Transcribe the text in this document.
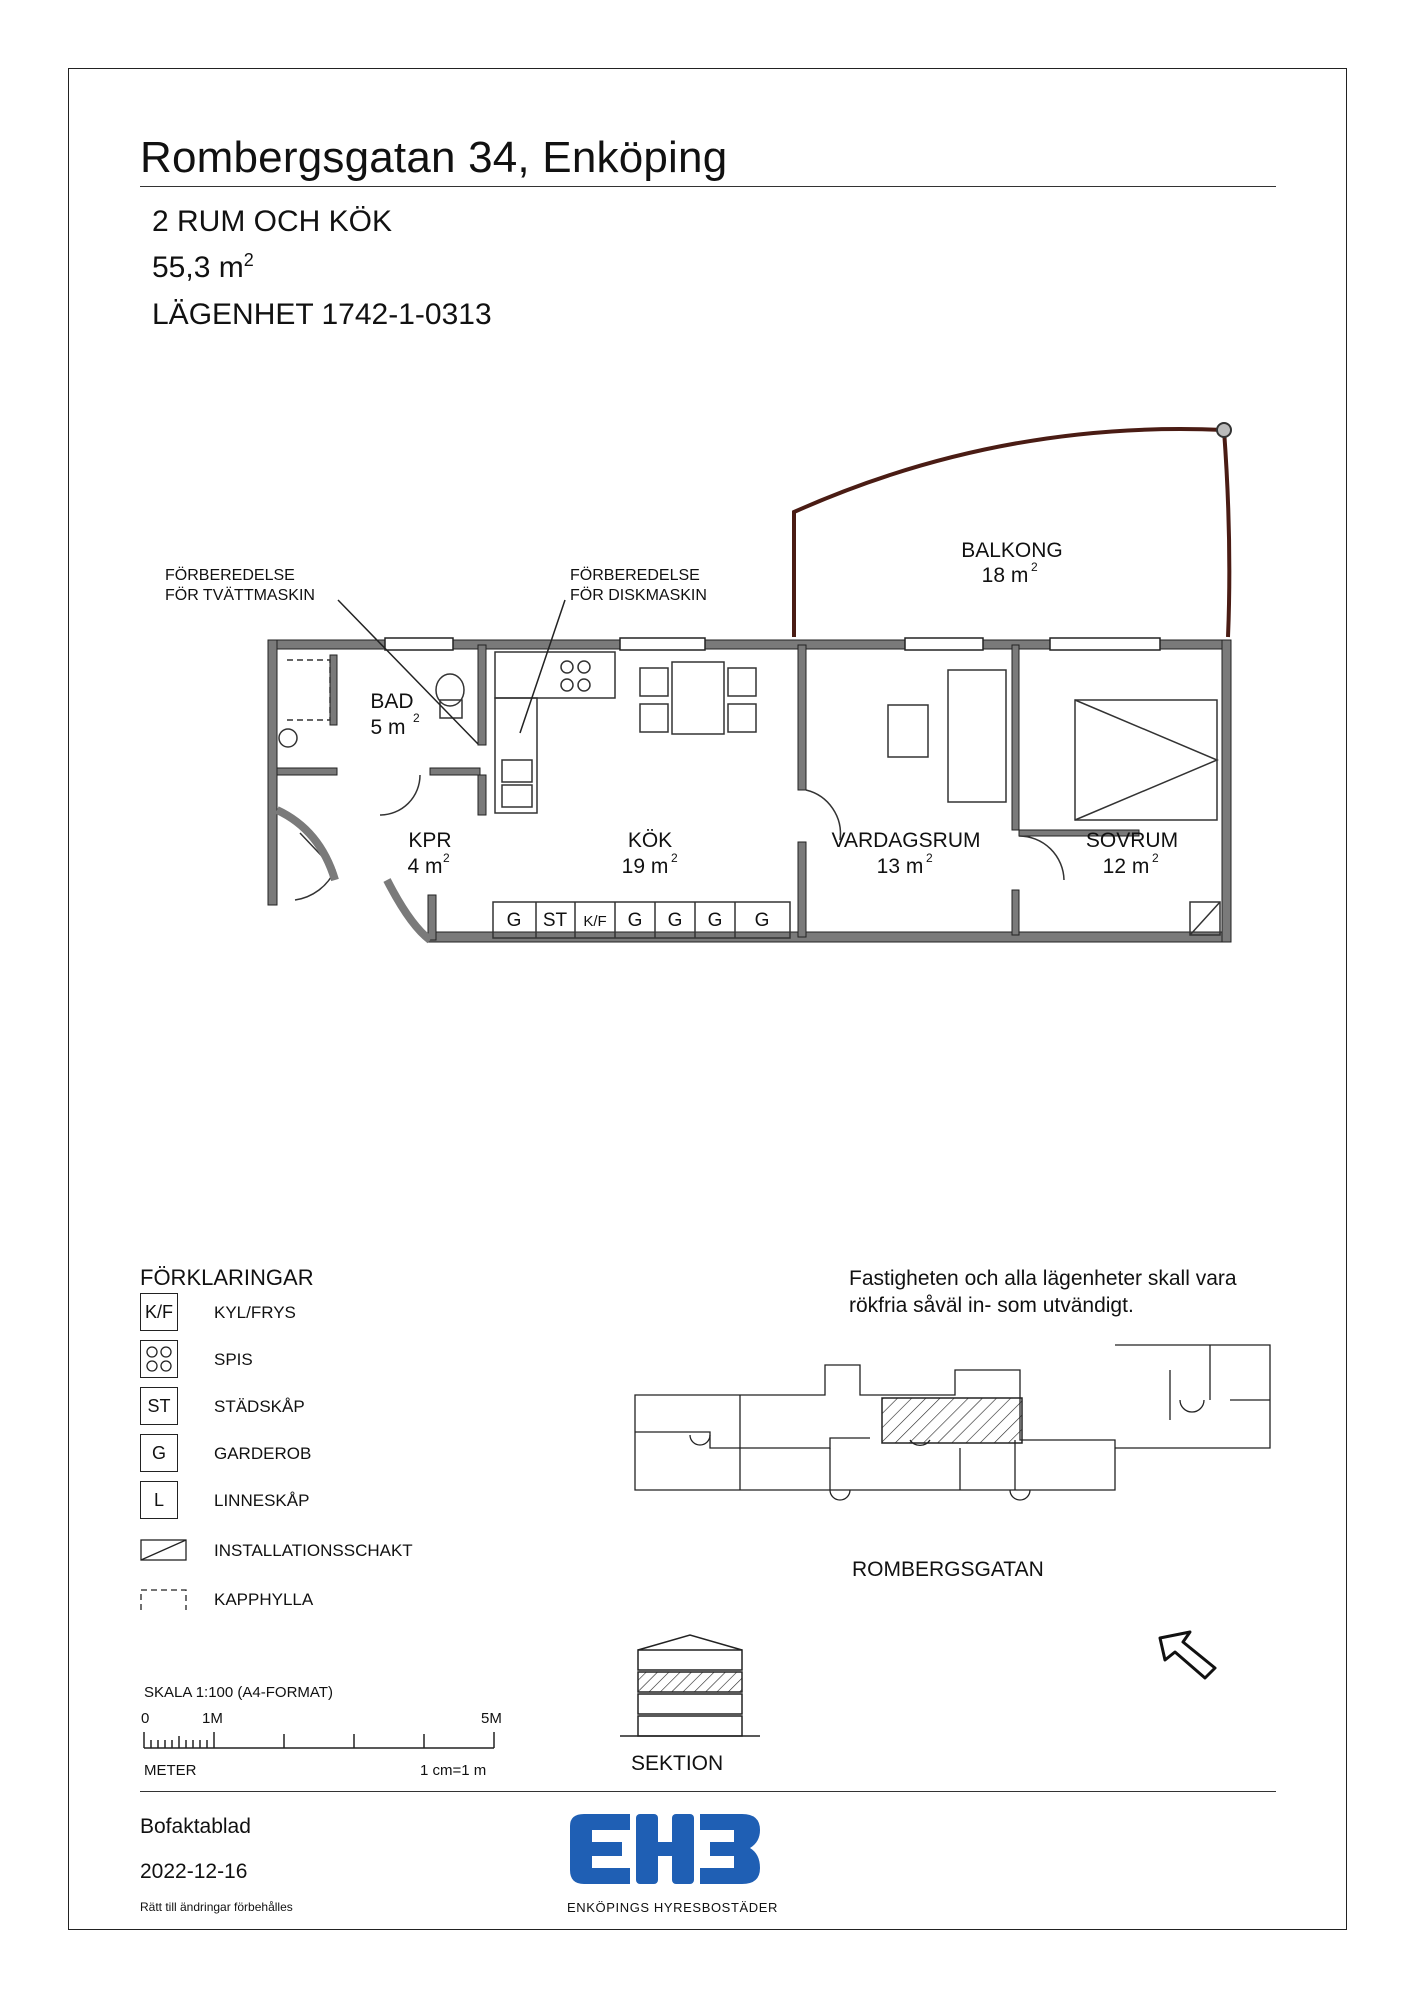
Rombergsgatan 34, Enköping
2 RUM OCH KÖK
55,3 $m^2$
LÄGENHET 1742-1-0313
FÖRBEREDELSE
FÖR TVÄTTMASKIN
FÖRBEREDELSE
FÖR DISKMASKIN
BALKONG
18 m
BAD
5 m
KPR
4 m
KÖK
19 m
VARDAGSRUM
13 m
SOVRUM
12 m
2
2	2	2	2
2
G ST K/F G G G G
FÖRKLARINGAR
K/F KYL/FRYS
SPIS
ST	STÄDSKÅP
G	GARDEROB
L	LINNESKÅP
INSTALLATIONSSCHAKT
KAPPHYLLA
SKALA 1:100 (A4-FORMAT)
0	1M	5M
METER	1 cm=1 m
Fastigheten och alla lägenheter skall vara rökfria såväl in- som utvändigt.
ROMBERGSGATAN
SEKTION
Bofaktablad
2022-12-16
Rätt till ändringar förbehålles	ENKÖPINGS HYRESBOSTÄDER
